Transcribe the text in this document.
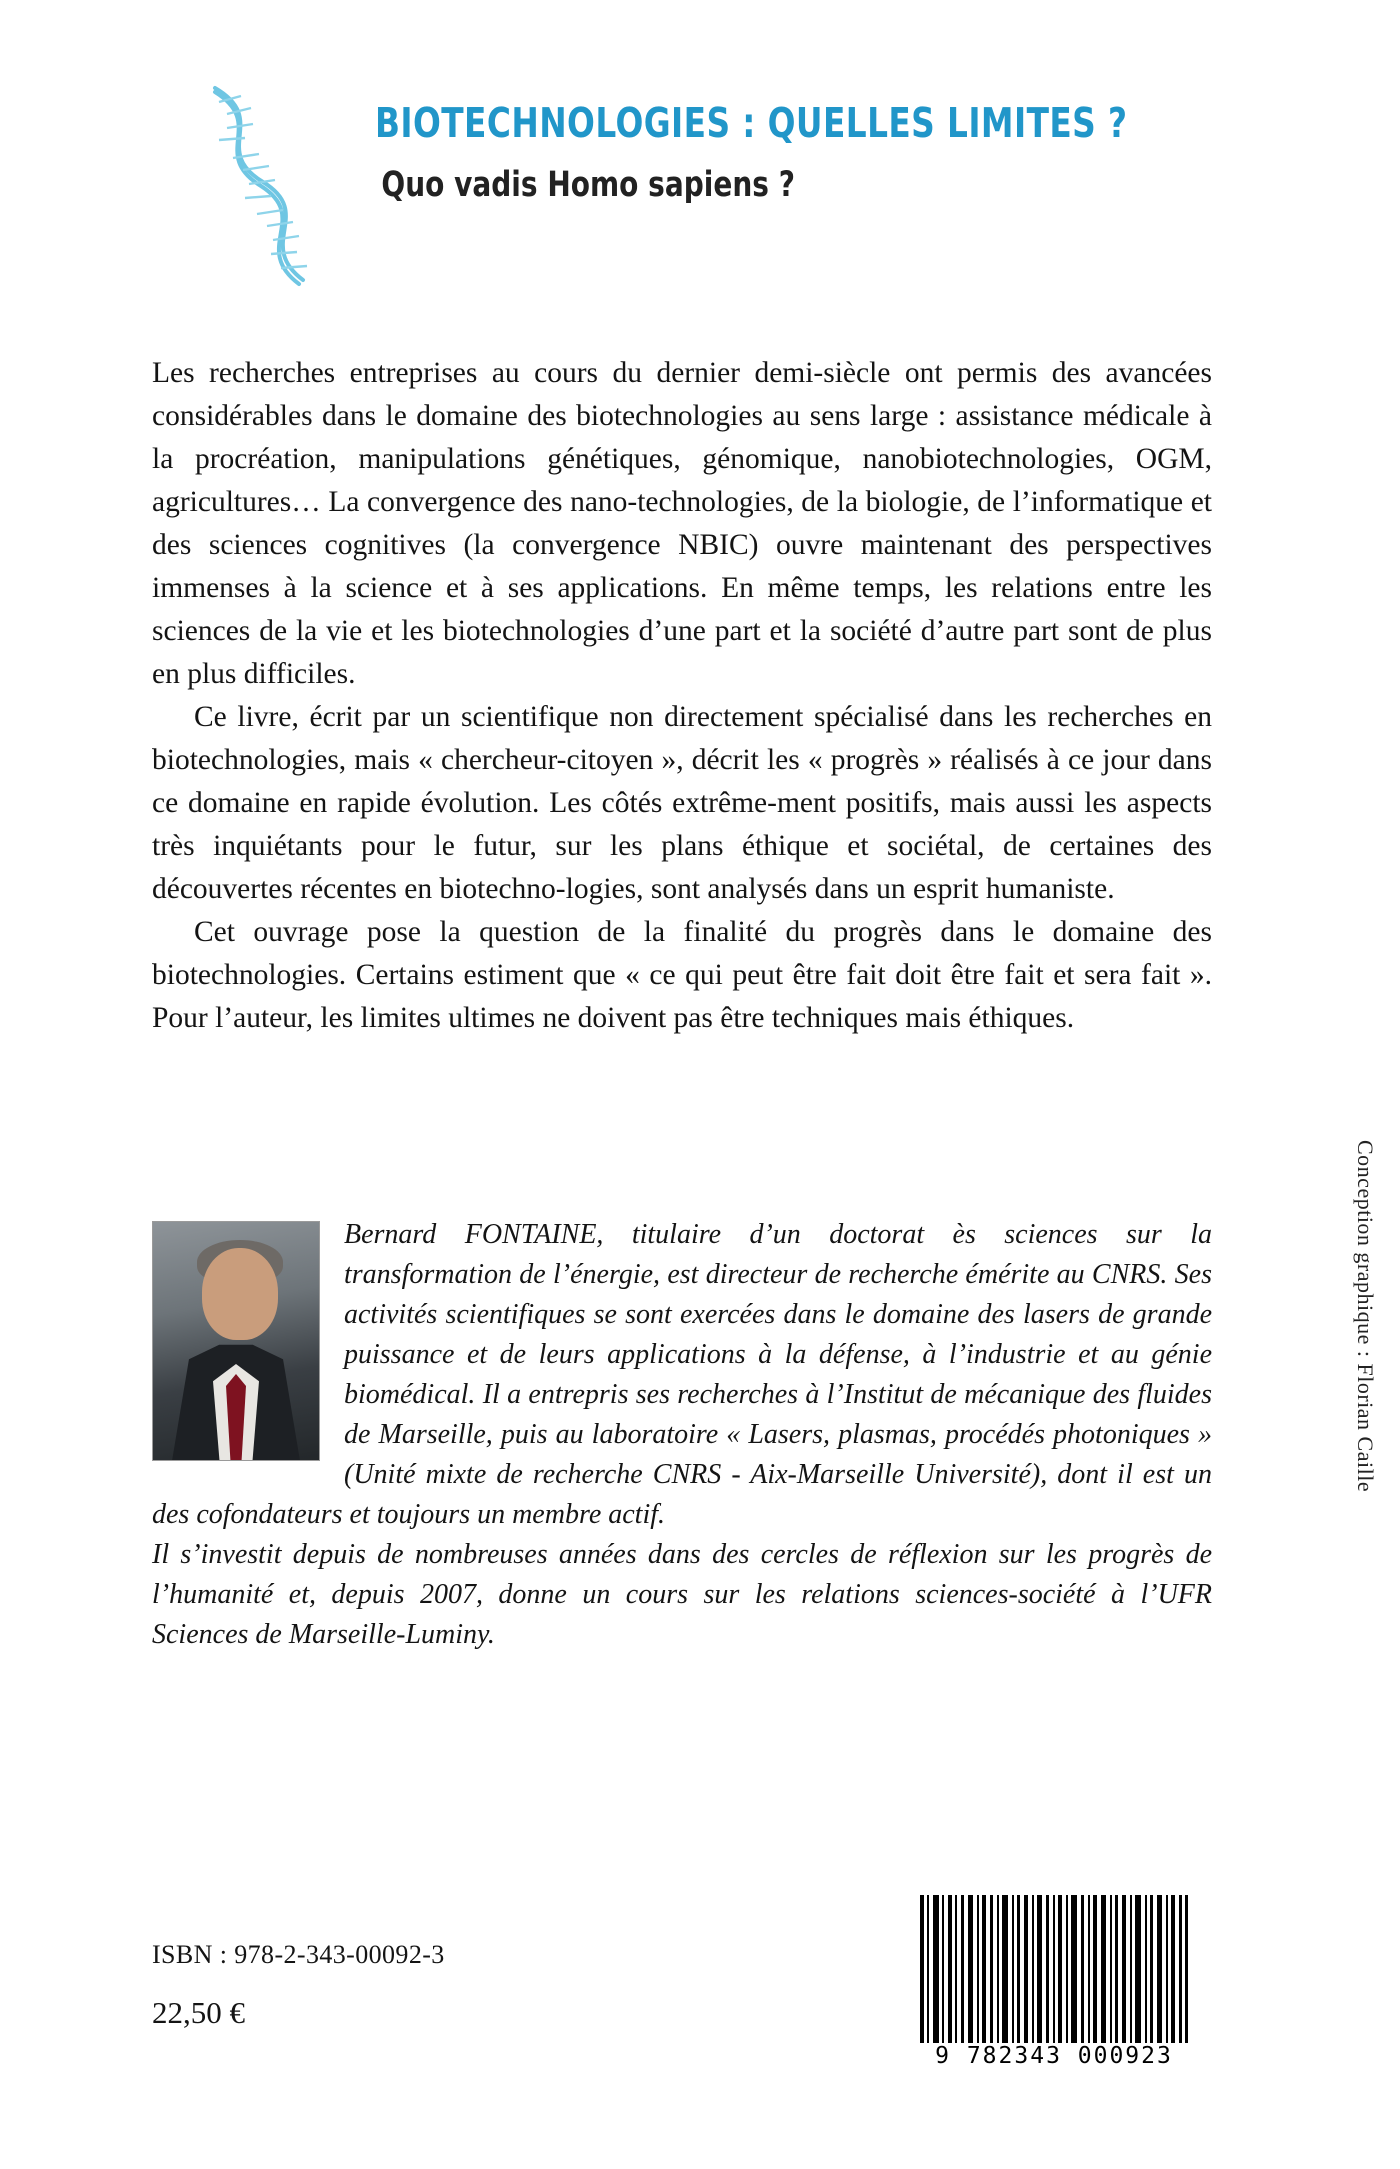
BIOTECHNOLOGIES : QUELLES LIMITES ?
Quo vadis Homo sapiens ?

Les recherches entreprises au cours du dernier demi-siècle ont permis des avancées considérables dans le domaine des biotechnologies au sens large : assistance médicale à la procréation, manipulations génétiques, génomique, nanobiotechnologies, OGM, agricultures… La convergence des nano-technologies, de la biologie, de l’informatique et des sciences cognitives (la convergence NBIC) ouvre maintenant des perspectives immenses à la science et à ses applications. En même temps, les relations entre les sciences de la vie et les biotechnologies d’une part et la société d’autre part sont de plus en plus difficiles.

Ce livre, écrit par un scientifique non directement spécialisé dans les recherches en biotechnologies, mais « chercheur-citoyen », décrit les « progrès » réalisés à ce jour dans ce domaine en rapide évolution. Les côtés extrême-ment positifs, mais aussi les aspects très inquiétants pour le futur, sur les plans éthique et sociétal, de certaines des découvertes récentes en biotechno-logies, sont analysés dans un esprit humaniste.

Cet ouvrage pose la question de la finalité du progrès dans le domaine des biotechnologies. Certains estiment que « ce qui peut être fait doit être fait et sera fait ». Pour l’auteur, les limites ultimes ne doivent pas être techniques mais éthiques.

Bernard FONTAINE, titulaire d’un doctorat ès sciences sur la transformation de l’énergie, est directeur de recherche émérite au CNRS. Ses activités scientifiques se sont exercées dans le domaine des lasers de grande puissance et de leurs applications à la défense, à l’industrie et au génie biomédical. Il a entrepris ses recherches à l’Institut de mécanique des fluides de Marseille, puis au laboratoire « Lasers, plasmas, procédés photoniques » (Unité mixte de recherche CNRS - Aix-Marseille Université), dont il est un des cofondateurs et toujours un membre actif.

Il s’investit depuis de nombreuses années dans des cercles de réflexion sur les progrès de l’humanité et, depuis 2007, donne un cours sur les relations sciences-société à l’UFR Sciences de Marseille-Luminy.

Conception graphique : Florian Caille
ISBN : 978-2-343-00092-3
22,50 €
9 782343 000923
